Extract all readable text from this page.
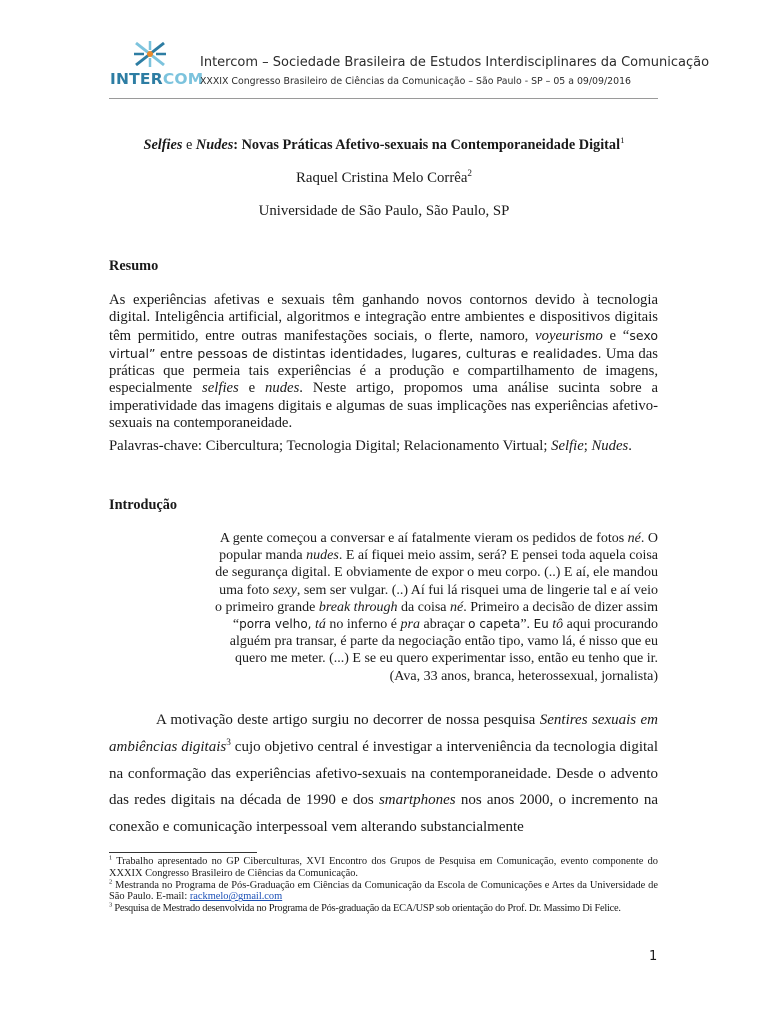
INTERCOM
Intercom – Sociedade Brasileira de Estudos Interdisciplinares da Comunicação
XXXIX Congresso Brasileiro de Ciências da Comunicação – São Paulo - SP – 05 a 09/09/2016
Selfies e Nudes: Novas Práticas Afetivo-sexuais na Contemporaneidade Digital$^1$
Raquel Cristina Melo Corrêa$^2$
Universidade de São Paulo, São Paulo, SP
Resumo

As experiências afetivas e sexuais têm ganhando novos contornos devido à tecnologia digital. Inteligência artificial, algoritmos e integração entre ambientes e dispositivos digitais têm permitido, entre outras manifestações sociais, o flerte, namoro, voyeurismo e “sexo virtual” entre pessoas de distintas identidades, lugares, culturas e realidades. Uma das práticas que permeia tais experiências é a produção e compartilhamento de imagens, especialmente selfies e nudes. Neste artigo, propomos uma análise sucinta sobre a imperatividade das imagens digitais e algumas de suas implicações nas experiências afetivo-sexuais na contemporaneidade.

Palavras-chave: Cibercultura; Tecnologia Digital; Relacionamento Virtual; Selfie; Nudes.

Introdução
A gente começou a conversar e aí fatalmente vieram os pedidos de fotos né. O
popular manda nudes. E aí fiquei meio assim, será? E pensei toda aquela coisa
de segurança digital. E obviamente de expor o meu corpo. (..) E aí, ele mandou
uma foto sexy, sem ser vulgar. (..) Aí fui lá risquei uma de lingerie tal e aí veio
o primeiro grande break through da coisa né. Primeiro a decisão de dizer assim
“porra velho, tá no inferno é pra abraçar o capeta”. Eu tô aqui procurando
alguém pra transar, é parte da negociação então tipo, vamo lá, é nisso que eu
quero me meter. (...) E se eu quero experimentar isso, então eu tenho que ir.
(Ava, 33 anos, branca, heterossexual, jornalista)
A motivação deste artigo surgiu no decorrer de nossa pesquisa Sentires sexuais em ambiências digitais$^3$ cujo objetivo central é investigar a interveniência da tecnologia digital na conformação das experiências afetivo-sexuais na contemporaneidade. Desde o advento das redes digitais na década de 1990 e dos smartphones nos anos 2000, o incremento na conexão e comunicação interpessoal vem alterando substancialmente

$^1$ Trabalho apresentado no GP Ciberculturas, XVI Encontro dos Grupos de Pesquisa em Comunicação, evento componente do XXXIX Congresso Brasileiro de Ciências da Comunicação.

$^2$ Mestranda no Programa de Pós-Graduação em Ciências da Comunicação da Escola de Comunicações e Artes da Universidade de São Paulo. E-mail: rackmelo@gmail.com

$^3$ Pesquisa de Mestrado desenvolvida no Programa de Pós-graduação da ECA/USP sob orientação do Prof. Dr. Massimo Di Felice.

1
